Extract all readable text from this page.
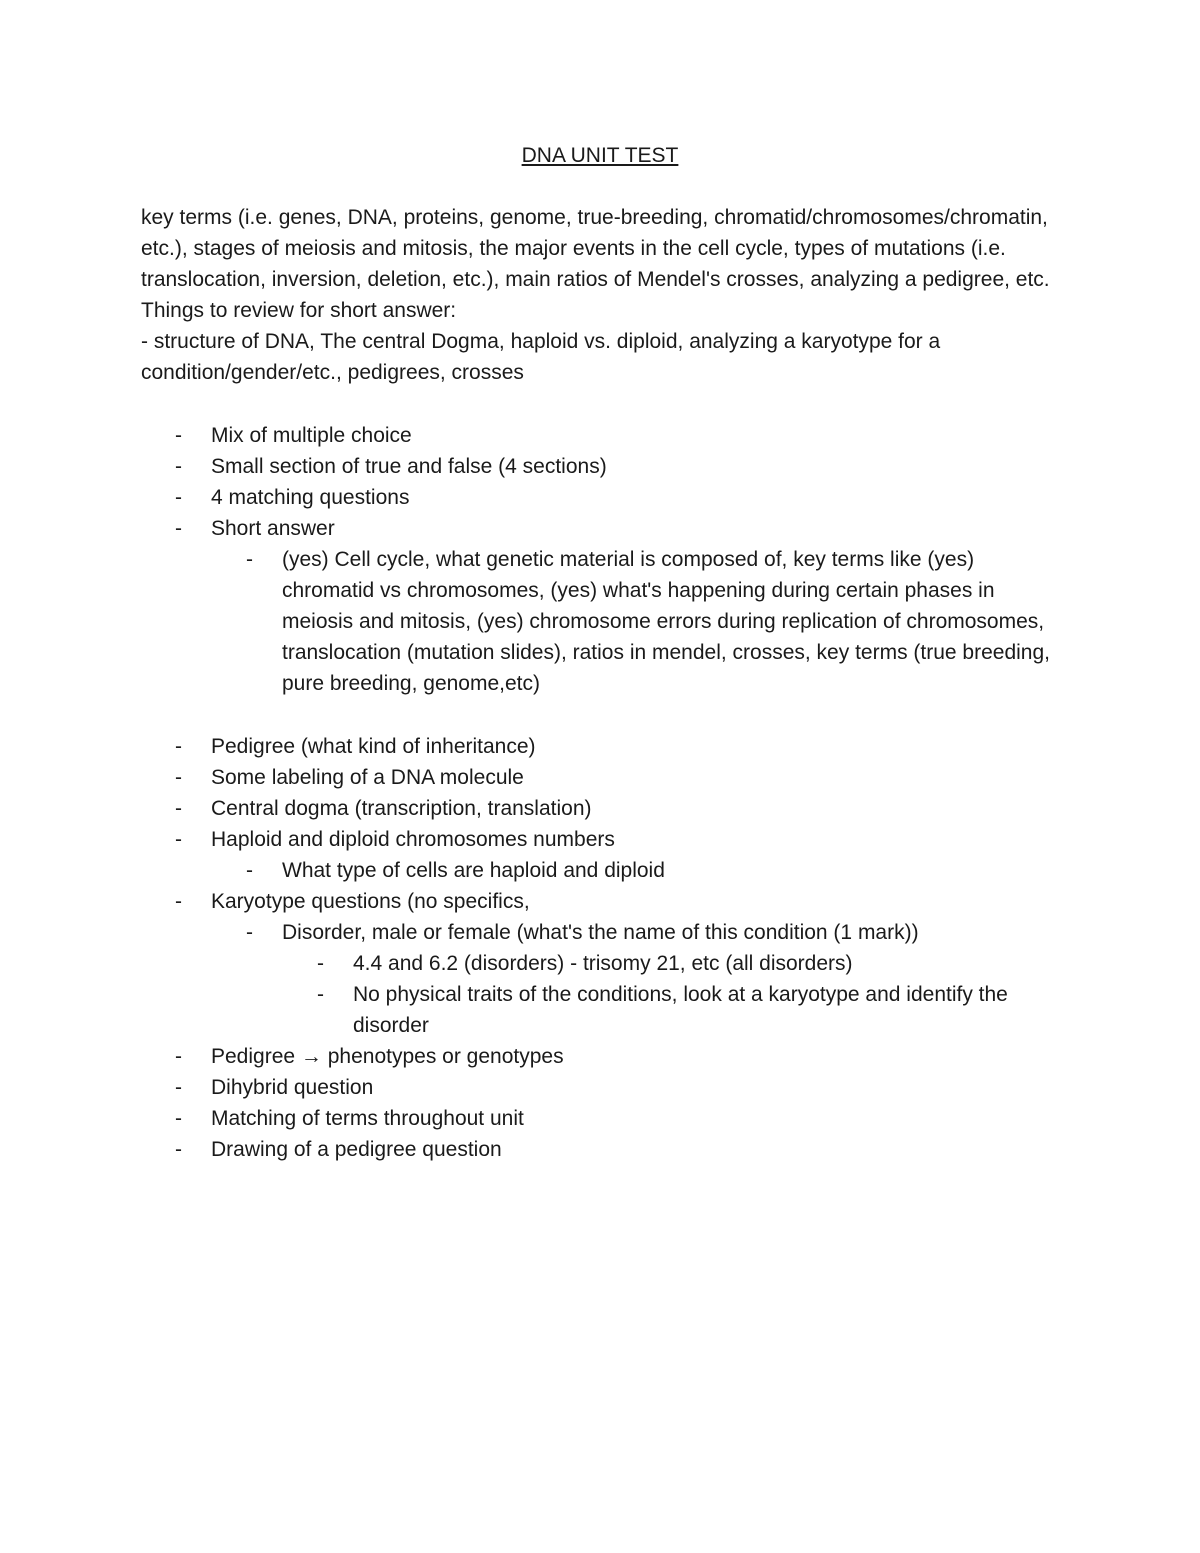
DNA UNIT TEST

key terms (i.e. genes, DNA, proteins, genome, true-breeding, chromatid/chromosomes/chromatin, etc.), stages of meiosis and mitosis, the major events in the cell cycle, types of mutations (i.e. translocation, inversion, deletion, etc.), main ratios of Mendel's crosses, analyzing a pedigree, etc.

Things to review for short answer:

- structure of DNA, The central Dogma, haploid vs. diploid, analyzing a karyotype for a condition/gender/etc., pedigrees, crosses

- Mix of multiple choice
- Small section of true and false (4 sections)
- 4 matching questions
- Short answer
- (yes) Cell cycle, what genetic material is composed of, key terms like (yes) chromatid vs chromosomes, (yes) what's happening during certain phases in meiosis and mitosis, (yes) chromosome errors during replication of chromosomes, translocation (mutation slides), ratios in mendel, crosses, key terms (true breeding, pure breeding, genome,etc)
- Pedigree (what kind of inheritance)
- Some labeling of a DNA molecule
- Central dogma (transcription, translation)
- Haploid and diploid chromosomes numbers
- What type of cells are haploid and diploid
- Karyotype questions (no specifics,
- Disorder, male or female (what's the name of this condition (1 mark))
- 4.4 and 6.2 (disorders) - trisomy 21, etc (all disorders)
- No physical traits of the conditions, look at a karyotype and identify the disorder
- Pedigree → phenotypes or genotypes
- Dihybrid question
- Matching of terms throughout unit
- Drawing of a pedigree question
